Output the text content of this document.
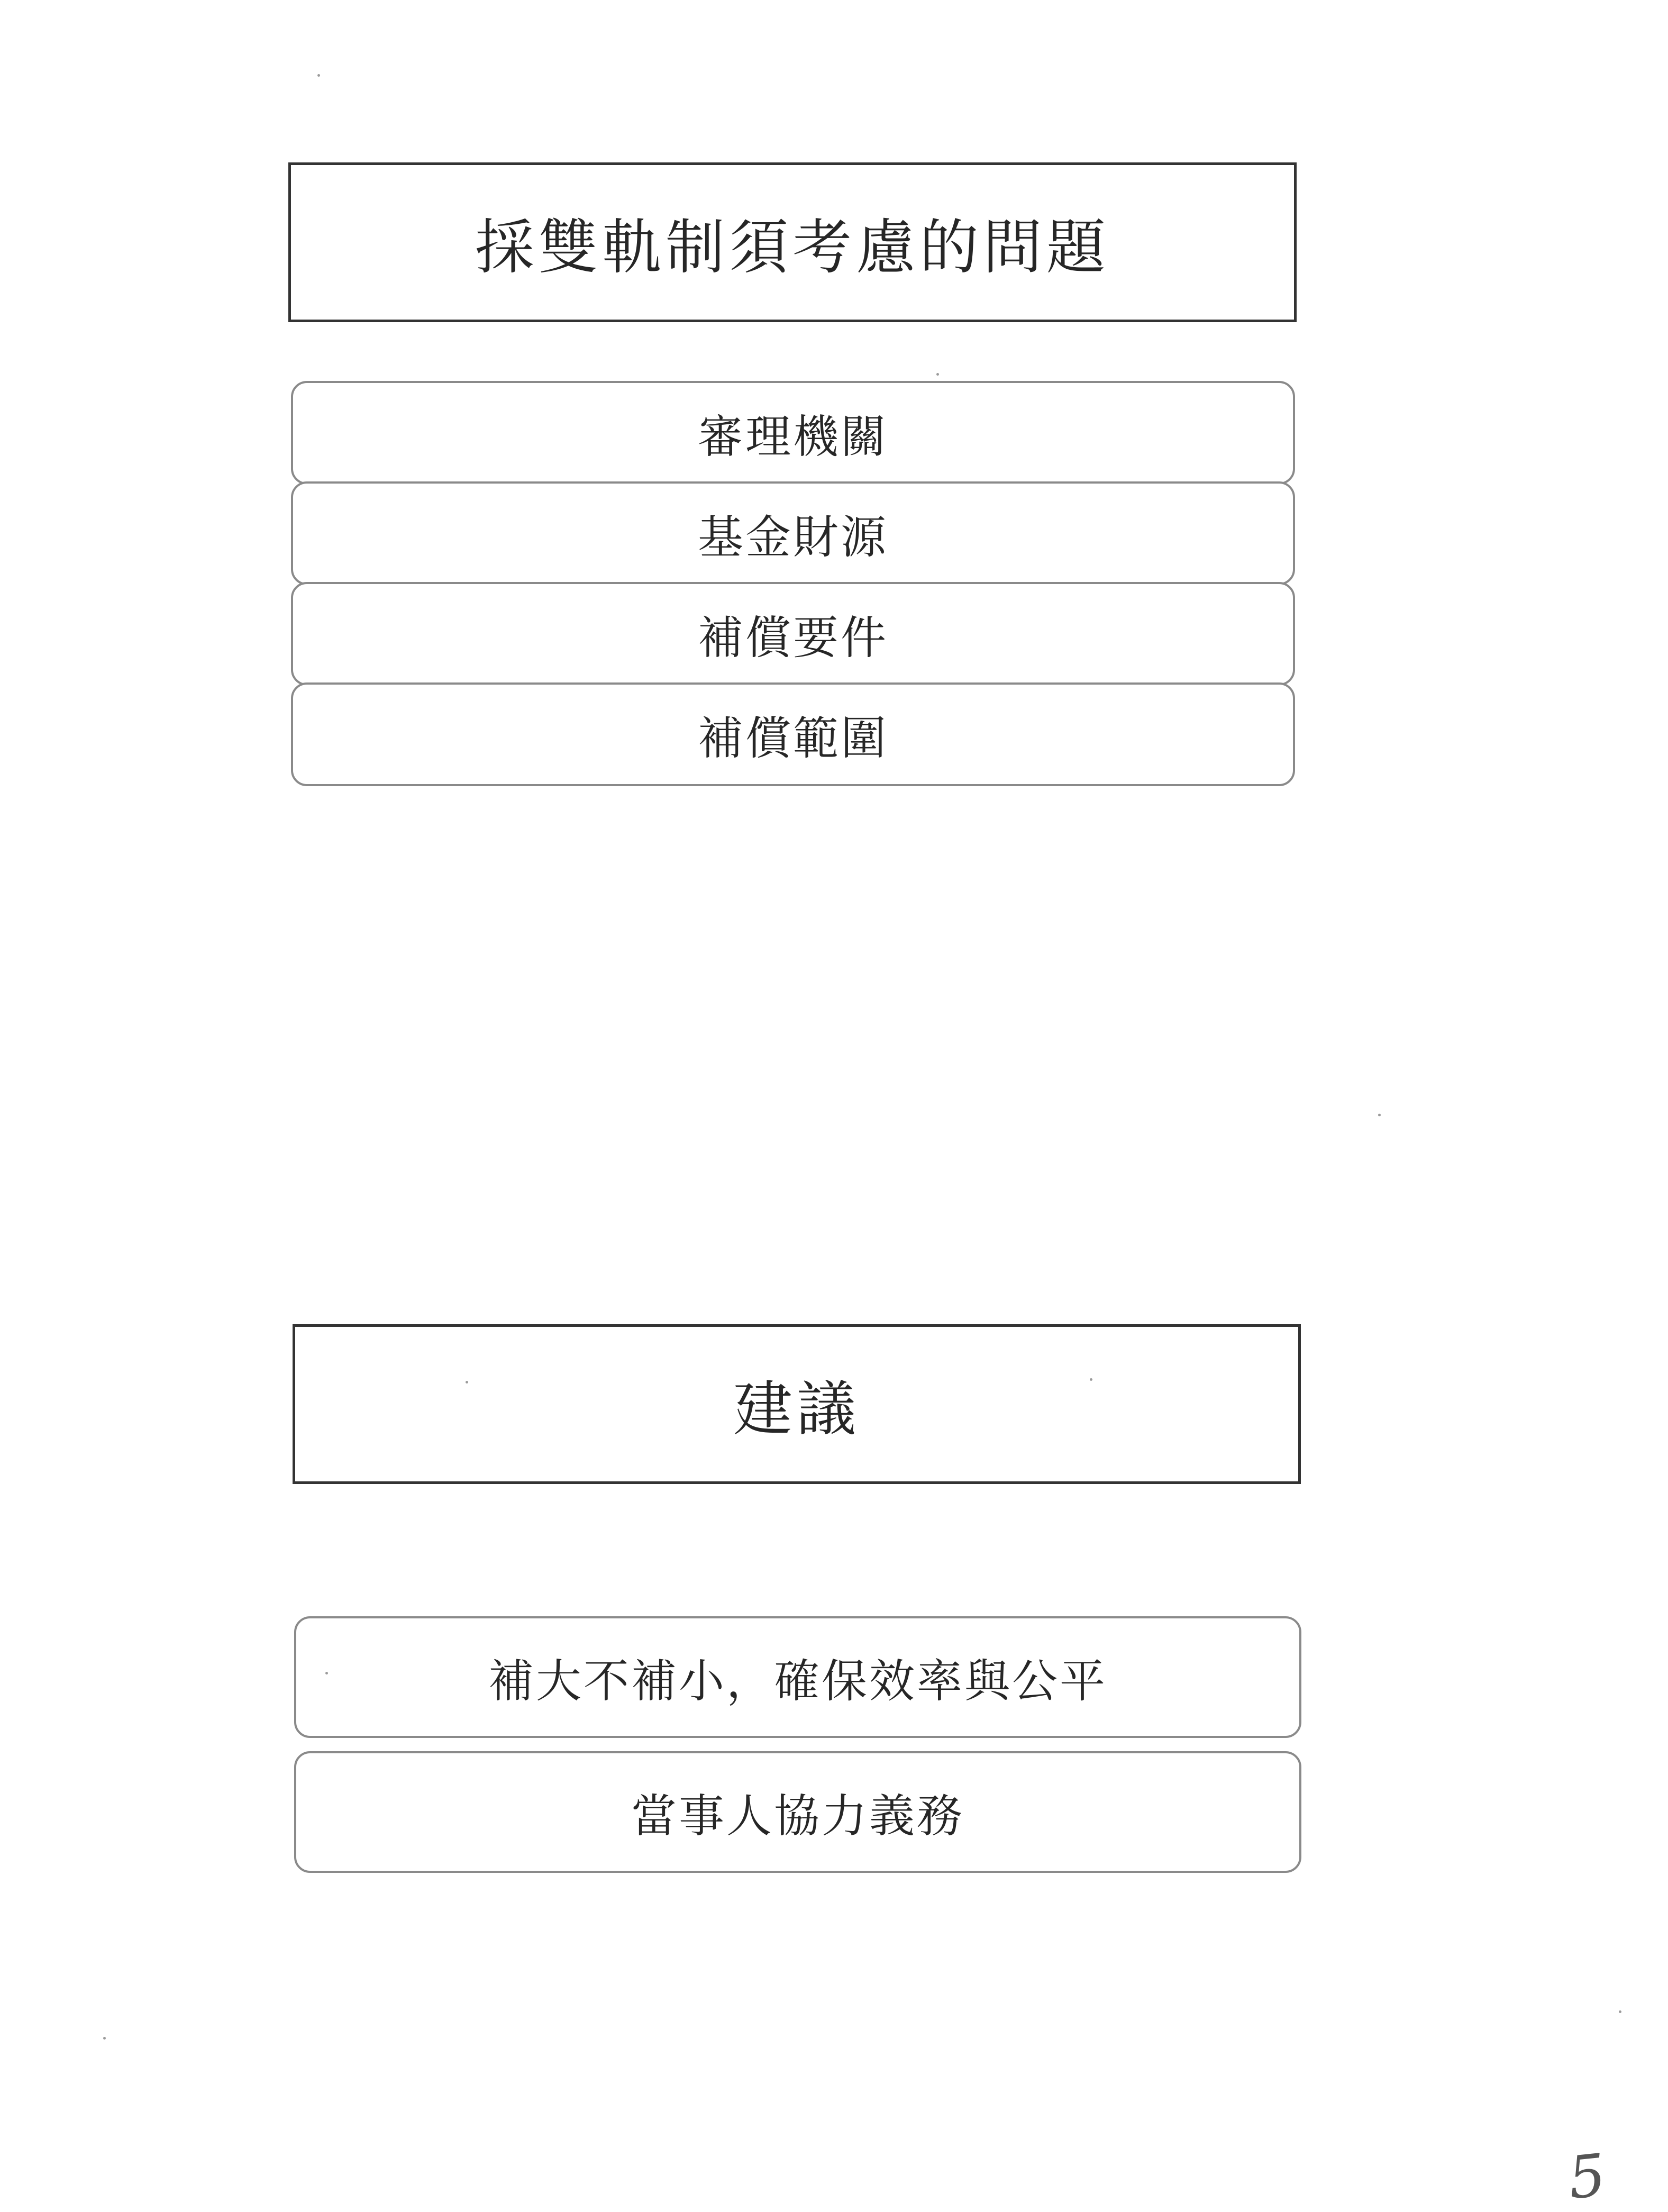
採雙軌制須考慮的問題
審理機關
基金財源
補償要件
補償範圍
建議
補大不補小，確保效率與公平
當事人協力義務
5
